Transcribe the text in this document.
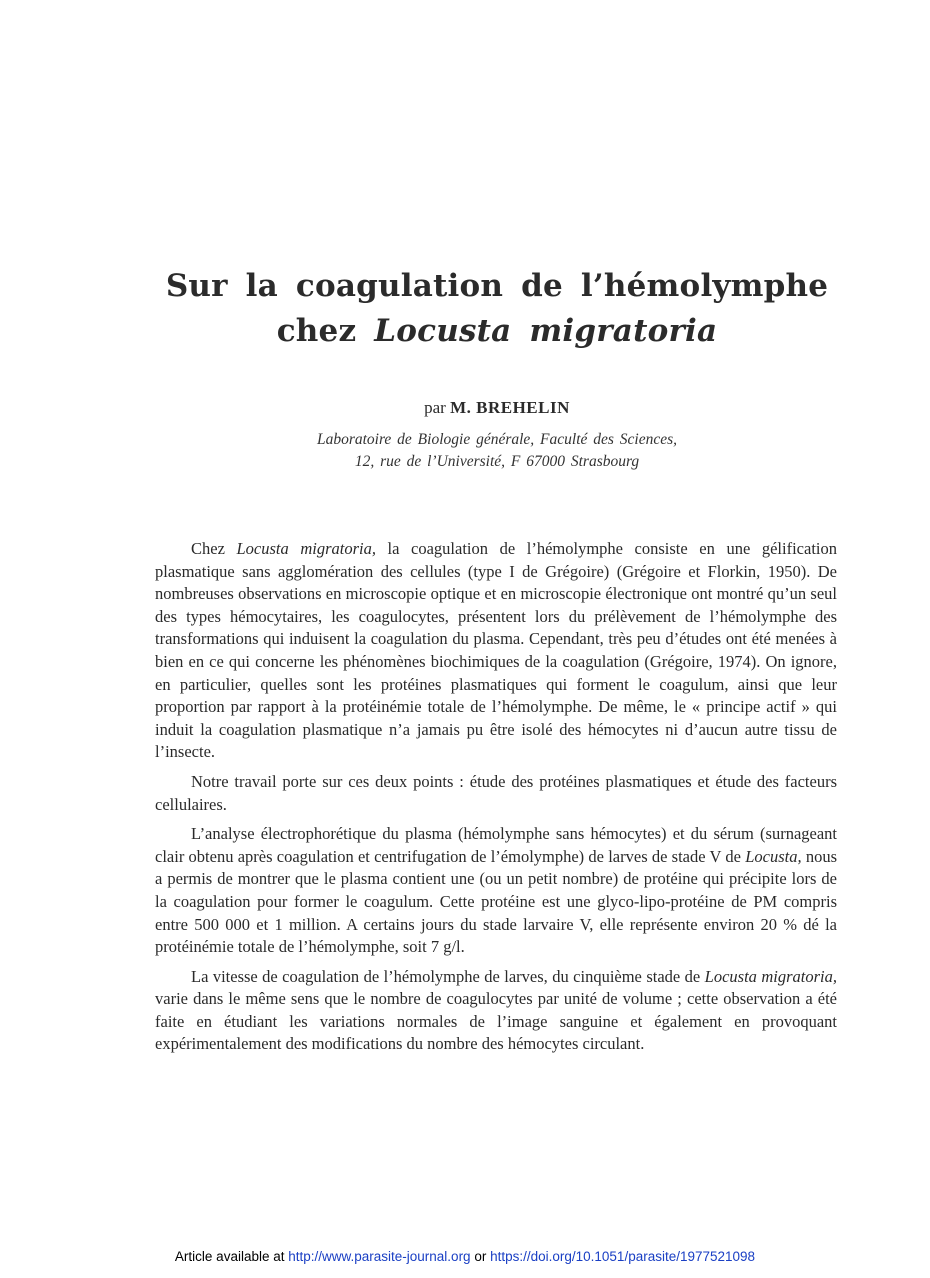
Sur la coagulation de l’hémolymphe
chez Locusta migratoria
par M. BREHELIN
Laboratoire de Biologie générale, Faculté des Sciences,
12, rue de l’Université, F 67000 Strasbourg

Chez Locusta migratoria, la coagulation de l’hémolymphe consiste en une gélification plasmatique sans agglomération des cellules (type I de Grégoire) (Grégoire et Florkin, 1950). De nombreuses observations en microscopie optique et en microscopie électronique ont montré qu’un seul des types hémocytaires, les coagulocytes, présentent lors du prélèvement de l’hémolymphe des transformations qui induisent la coagulation du plasma. Cependant, très peu d’études ont été menées à bien en ce qui concerne les phénomènes biochimiques de la coagulation (Grégoire, 1974). On ignore, en particulier, quelles sont les protéines plasmatiques qui forment le coagulum, ainsi que leur proportion par rapport à la protéinémie totale de l’hémolymphe. De même, le « principe actif » qui induit la coagulation plasmatique n’a jamais pu être isolé des hémocytes ni d’aucun autre tissu de l’insecte.

Notre travail porte sur ces deux points : étude des protéines plasmatiques et étude des facteurs cellulaires.

L’analyse électrophorétique du plasma (hémolymphe sans hémocytes) et du sérum (surnageant clair obtenu après coagulation et centrifugation de l’émolymphe) de larves de stade V de Locusta, nous a permis de montrer que le plasma contient une (ou un petit nombre) de protéine qui précipite lors de la coagulation pour former le coagulum. Cette protéine est une glyco-lipo-protéine de PM compris entre 500 000 et 1 million. A certains jours du stade larvaire V, elle représente environ 20 % dé la protéinémie totale de l’hémolymphe, soit 7 g/l.

La vitesse de coagulation de l’hémolymphe de larves, du cinquième stade de Locusta migratoria, varie dans le même sens que le nombre de coagulocytes par unité de volume ; cette observation a été faite en étudiant les variations normales de l’image sanguine et également en provoquant expérimentalement des modifications du nombre des hémocytes circulant.

Article available at http://www.parasite-journal.org or https://doi.org/10.1051/parasite/1977521098
